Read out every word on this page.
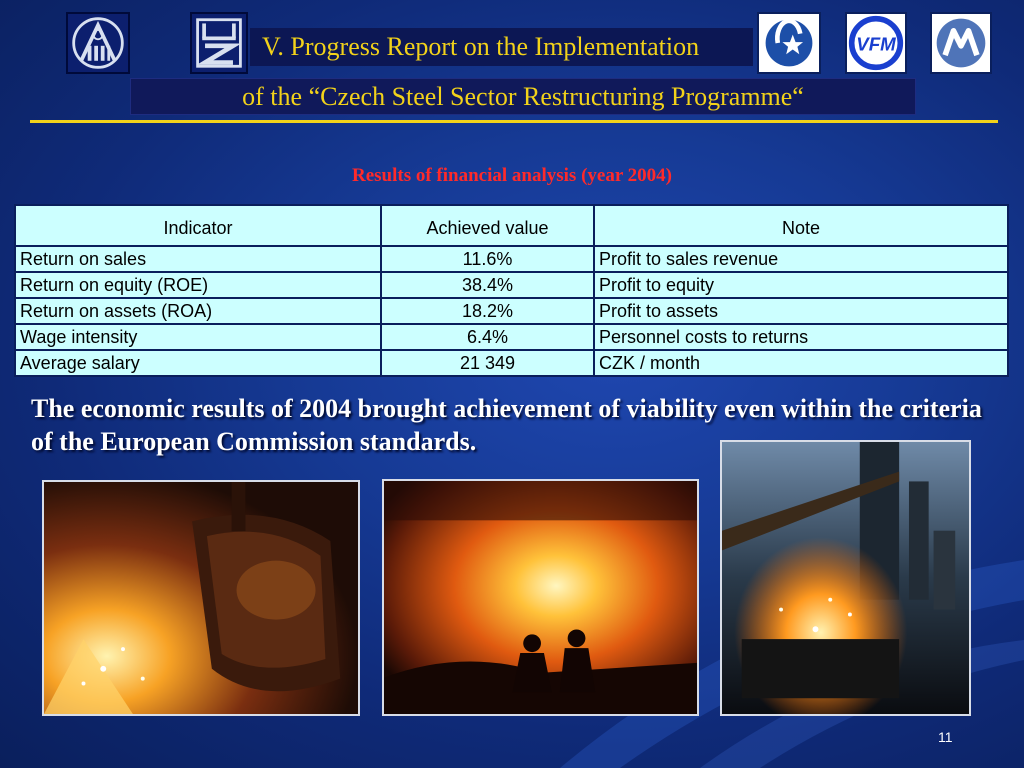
VFM
V. Progress Report on the Implementation
of the “Czech Steel Sector Restructuring Programme“
Results of financial analysis (year 2004)
Indicator	Achieved value	Note
Return on sales	11.6%	Profit to sales revenue
Return on equity (ROE)	38.4%	Profit to equity
Return on assets (ROA)	18.2%	Profit to assets
Wage intensity	6.4%	Personnel costs to returns
Average salary	21 349	CZK / month
The economic results of 2004 brought achievement of viability even within the criteria of the European Commission standards.
11
